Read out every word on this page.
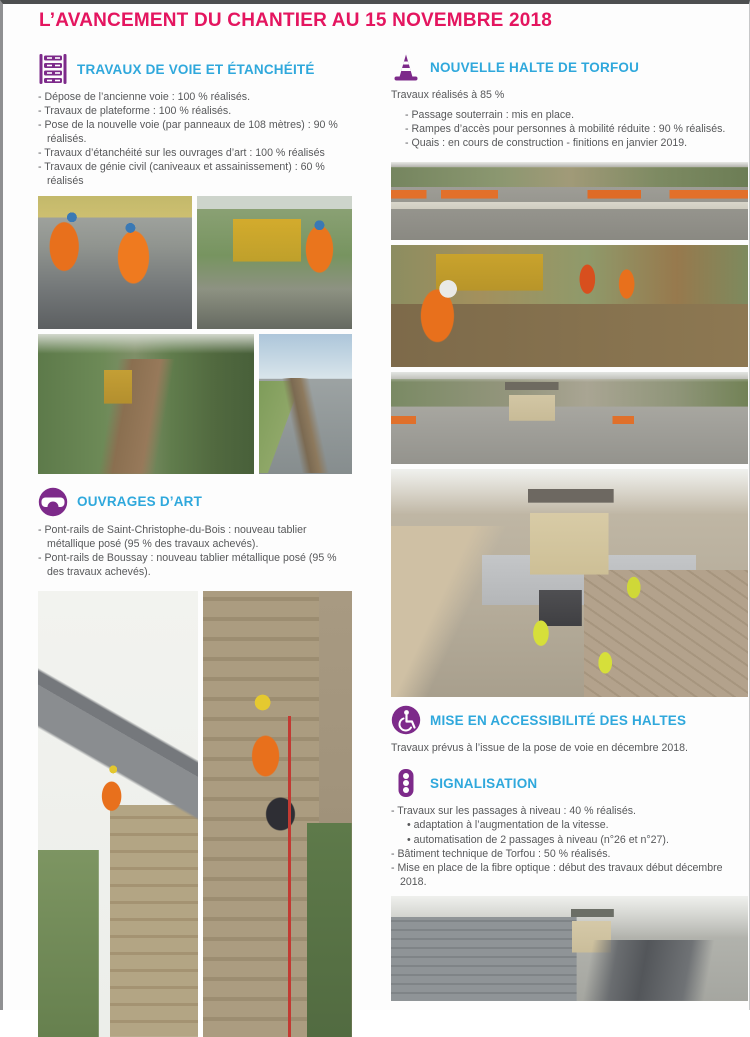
L’AVANCEMENT DU CHANTIER AU 15 NOVEMBRE 2018
TRAVAUX DE VOIE ET ÉTANCHÉITÉ
- Dépose de l’ancienne voie : 100 % réalisés.
- Travaux de plateforme : 100 % réalisés.
- Pose de la nouvelle voie (par panneaux de 108 mètres) : 90 % réalisés.
- Travaux d’étanchéité sur les ouvrages d’art : 100 % réalisés
- Travaux de génie civil (caniveaux et assainissement) : 60 % réalisés
OUVRAGES D’ART
- Pont-rails de Saint-Christophe-du-Bois : nouveau tablier métallique posé (95 % des travaux achevés).
- Pont-rails de Boussay : nouveau tablier métallique posé (95 % des travaux achevés).
NOUVELLE HALTE DE TORFOU
Travaux réalisés à 85 %
- Passage souterrain : mis en place.
- Rampes d’accès pour personnes à mobilité réduite : 90 % réalisés.
- Quais : en cours de construction - finitions en janvier 2019.
MISE EN ACCESSIBILITÉ DES HALTES
Travaux prévus à l’issue de la pose de voie en décembre 2018.
SIGNALISATION
- Travaux sur les passages à niveau : 40 % réalisés.
• adaptation à l’augmentation de la vitesse.
• automatisation de 2 passages à niveau (n°26 et n°27).
- Bâtiment technique de Torfou : 50 % réalisés.
- Mise en place de la fibre optique : début des travaux début décembre 2018.
